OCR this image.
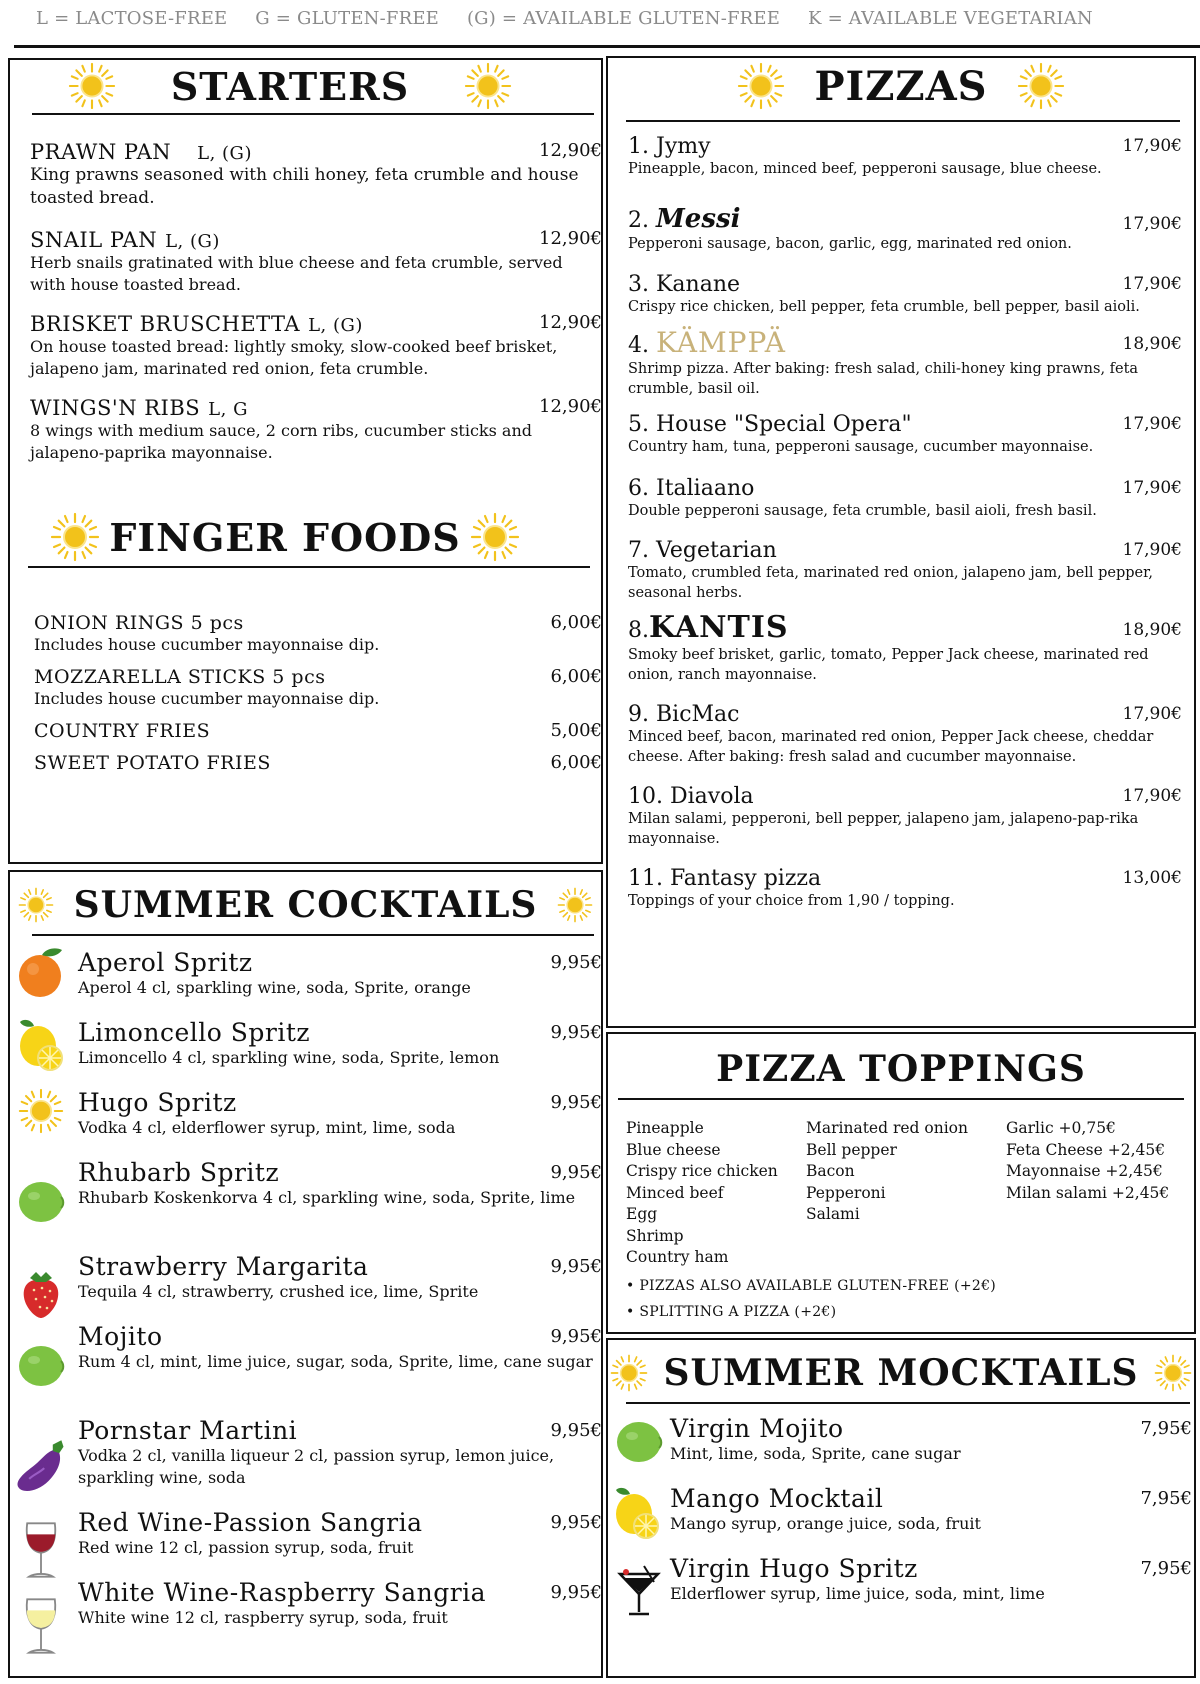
L = LACTOSE-FREE G = GLUTEN-FREE (G) = AVAILABLE GLUTEN-FREE K = AVAILABLE VEGETARIAN
STARTERS
PRAWN PAN L, (G)	12,90€
King prawns seasoned with chili honey, feta crumble and house toasted bread.
SNAIL PAN L, (G)	12,90€
Herb snails gratinated with blue cheese and feta crumble, served with house toasted bread.
BRISKET BRUSCHETTA L, (G)	12,90€
On house toasted bread: lightly smoky, slow-cooked beef brisket, jalapeno jam, marinated red onion, feta crumble.
WINGS'N RIBS L, G	12,90€
8 wings with medium sauce, 2 corn ribs, cucumber sticks and jalapeno-paprika mayonnaise.
FINGER FOODS
ONION RINGS 5 pcs	6,00€
Includes house cucumber mayonnaise dip.
MOZZARELLA STICKS 5 pcs	6,00€
Includes house cucumber mayonnaise dip.
COUNTRY FRIES	5,00€
SWEET POTATO FRIES	6,00€
SUMMER COCKTAILS
Aperol Spritz	9,95€
Aperol 4 cl, sparkling wine, soda, Sprite, orange
Limoncello Spritz	9,95€
Limoncello 4 cl, sparkling wine, soda, Sprite, lemon
Hugo Spritz	9,95€
Vodka 4 cl, elderflower syrup, mint, lime, soda
Rhubarb Spritz	9,95€
Rhubarb Koskenkorva 4 cl, sparkling wine, soda, Sprite, lime
Strawberry Margarita	9,95€
Tequila 4 cl, strawberry, crushed ice, lime, Sprite
Mojito	9,95€
Rum 4 cl, mint, lime juice, sugar, soda, Sprite, lime, cane sugar
Pornstar Martini	9,95€
Vodka 2 cl, vanilla liqueur 2 cl, passion syrup, lemon juice, sparkling wine, soda
Red Wine-Passion Sangria	9,95€
Red wine 12 cl, passion syrup, soda, fruit
White Wine-Raspberry Sangria	9,95€
White wine 12 cl, raspberry syrup, soda, fruit
PIZZAS
1. Jymy	17,90€
Pineapple, bacon, minced beef, pepperoni sausage, blue cheese.
2. Messi	17,90€
Pepperoni sausage, bacon, garlic, egg, marinated red onion.
3. Kanane	17,90€
Crispy rice chicken, bell pepper, feta crumble, bell pepper, basil aioli.
4. KÄMPPÄ	18,90€
Shrimp pizza. After baking: fresh salad, chili-honey king prawns, feta crumble, basil oil.
5. House "Special Opera"	17,90€
Country ham, tuna, pepperoni sausage, cucumber mayonnaise.
6. Italiaano	17,90€
Double pepperoni sausage, feta crumble, basil aioli, fresh basil.
7. Vegetarian	17,90€
Tomato, crumbled feta, marinated red onion, jalapeno jam, bell pepper, seasonal herbs.
8.KANTIS	18,90€
Smoky beef brisket, garlic, tomato, Pepper Jack cheese, marinated red onion, ranch mayonnaise.
9. BicMac	17,90€
Minced beef, bacon, marinated red onion, Pepper Jack cheese, cheddar cheese. After baking: fresh salad and cucumber mayonnaise.
10. Diavola	17,90€
Milan salami, pepperoni, bell pepper, jalapeno jam, jalapeno-pap-rika mayonnaise.
11. Fantasy pizza	13,00€
Toppings of your choice from 1,90 / topping.
PIZZA TOPPINGS
Pineapple
Blue cheese
Crispy rice chicken
Minced beef
Egg
Shrimp
Country ham
Marinated red onion
Bell pepper
Bacon
Pepperoni
Salami
Garlic +0,75€
Feta Cheese +2,45€
Mayonnaise +2,45€
Milan salami +2,45€
• PIZZAS ALSO AVAILABLE GLUTEN-FREE (+2€)
• SPLITTING A PIZZA (+2€)
SUMMER MOCKTAILS
Virgin Mojito	7,95€
Mint, lime, soda, Sprite, cane sugar
Mango Mocktail	7,95€
Mango syrup, orange juice, soda, fruit
Virgin Hugo Spritz	7,95€
Elderflower syrup, lime juice, soda, mint, lime
